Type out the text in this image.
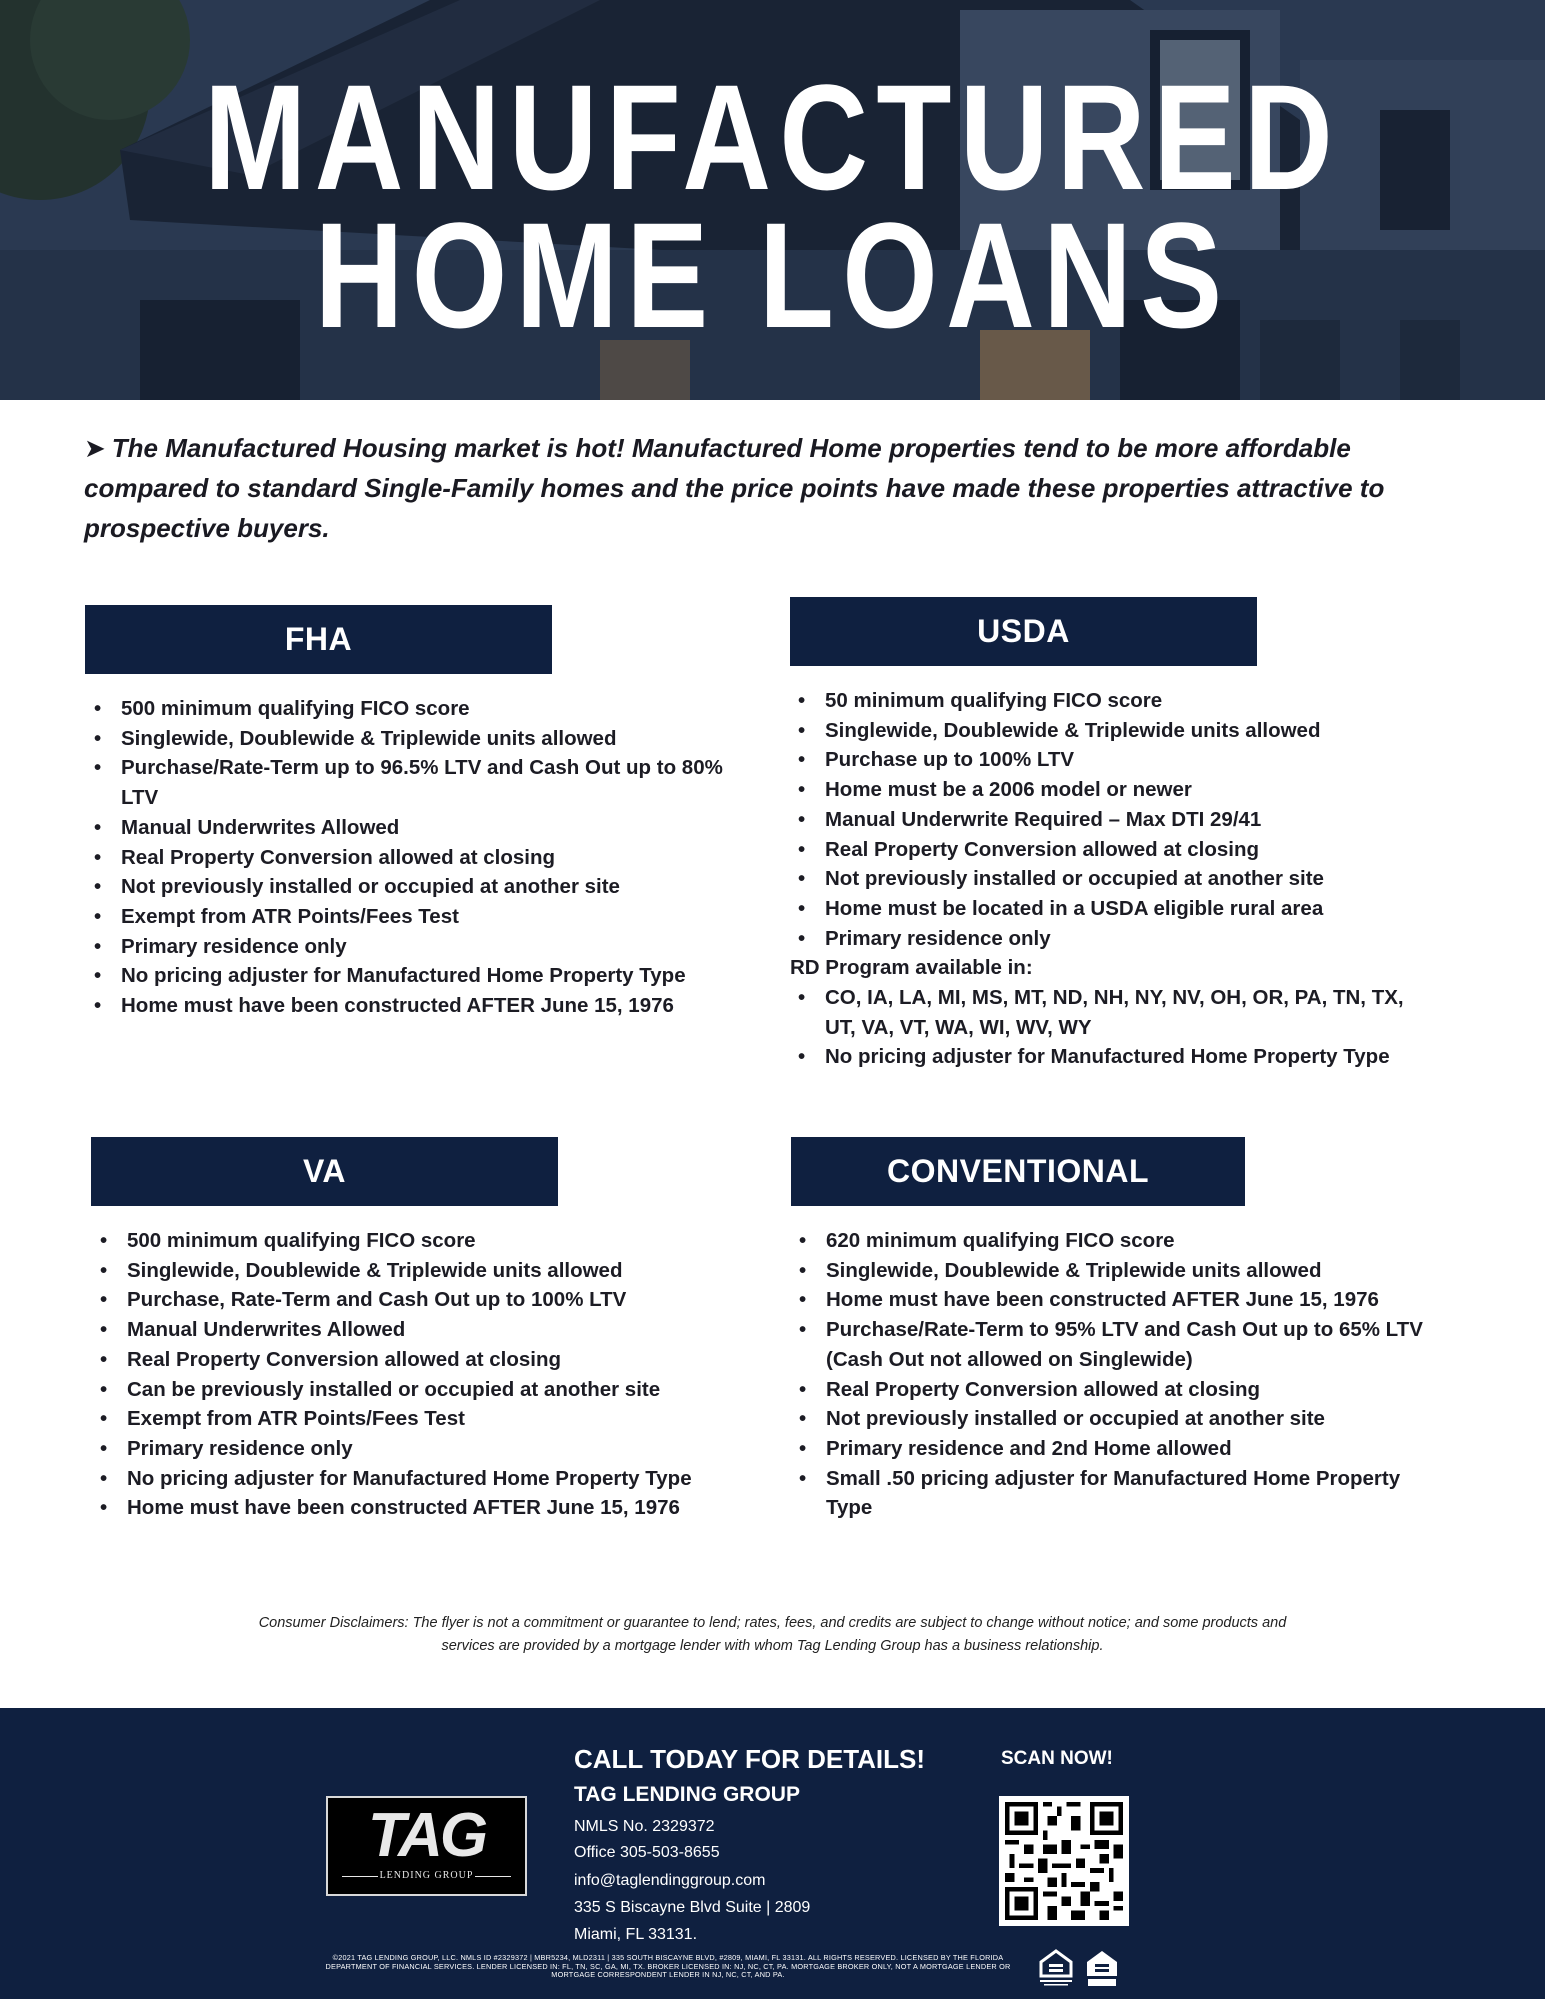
MANUFACTURED
HOME LOANS

➤ The Manufactured Housing market is hot! Manufactured Home properties tend to be more affordable compared to standard Single-Family homes and the price points have made these properties attractive to prospective buyers.

FHA
• 500 minimum qualifying FICO score
• Singlewide, Doublewide & Triplewide units allowed
• Purchase/Rate-Term up to 96.5% LTV and Cash Out up to 80% LTV
• Manual Underwrites Allowed
• Real Property Conversion allowed at closing
• Not previously installed or occupied at another site
• Exempt from ATR Points/Fees Test
• Primary residence only
• No pricing adjuster for Manufactured Home Property Type
• Home must have been constructed AFTER June 15, 1976
USDA
• 50 minimum qualifying FICO score
• Singlewide, Doublewide & Triplewide units allowed
• Purchase up to 100% LTV
• Home must be a 2006 model or newer
• Manual Underwrite Required – Max DTI 29/41
• Real Property Conversion allowed at closing
• Not previously installed or occupied at another site
• Home must be located in a USDA eligible rural area
• Primary residence only
RD Program available in:
• CO, IA, LA, MI, MS, MT, ND, NH, NY, NV, OH, OR, PA, TN, TX, UT, VA, VT, WA, WI, WV, WY
• No pricing adjuster for Manufactured Home Property Type
VA
• 500 minimum qualifying FICO score
• Singlewide, Doublewide & Triplewide units allowed
• Purchase, Rate-Term and Cash Out up to 100% LTV
• Manual Underwrites Allowed
• Real Property Conversion allowed at closing
• Can be previously installed or occupied at another site
• Exempt from ATR Points/Fees Test
• Primary residence only
• No pricing adjuster for Manufactured Home Property Type
• Home must have been constructed AFTER June 15, 1976
CONVENTIONAL
• 620 minimum qualifying FICO score
• Singlewide, Doublewide & Triplewide units allowed
• Home must have been constructed AFTER June 15, 1976
• Purchase/Rate-Term to 95% LTV and Cash Out up to 65% LTV (Cash Out not allowed on Singlewide)
• Real Property Conversion allowed at closing
• Not previously installed or occupied at another site
• Primary residence and 2nd Home allowed
• Small .50 pricing adjuster for Manufactured Home Property Type

Consumer Disclaimers: The flyer is not a commitment or guarantee to lend; rates, fees, and credits are subject to change without notice; and some products and services are provided by a mortgage lender with whom Tag Lending Group has a business relationship.

TAG
LENDING GROUP
CALL TODAY FOR DETAILS!
TAG LENDING GROUP
NMLS No. 2329372
Office 305-503-8655
info@taglendinggroup.com
335 S Biscayne Blvd Suite | 2809
Miami, FL 33131.
SCAN NOW!
©2021 TAG LENDING GROUP, LLC. NMLS ID #2329372 | MBR5234, MLD2311 | 335 SOUTH BISCAYNE BLVD, #2809, MIAMI, FL 33131. ALL RIGHTS RESERVED. LICENSED BY THE FLORIDA DEPARTMENT OF FINANCIAL SERVICES. LENDER LICENSED IN: FL, TN, SC, GA, MI, TX. BROKER LICENSED IN: NJ, NC, CT, PA. MORTGAGE BROKER ONLY, NOT A MORTGAGE LENDER OR MORTGAGE CORRESPONDENT LENDER IN NJ, NC, CT, AND PA.
